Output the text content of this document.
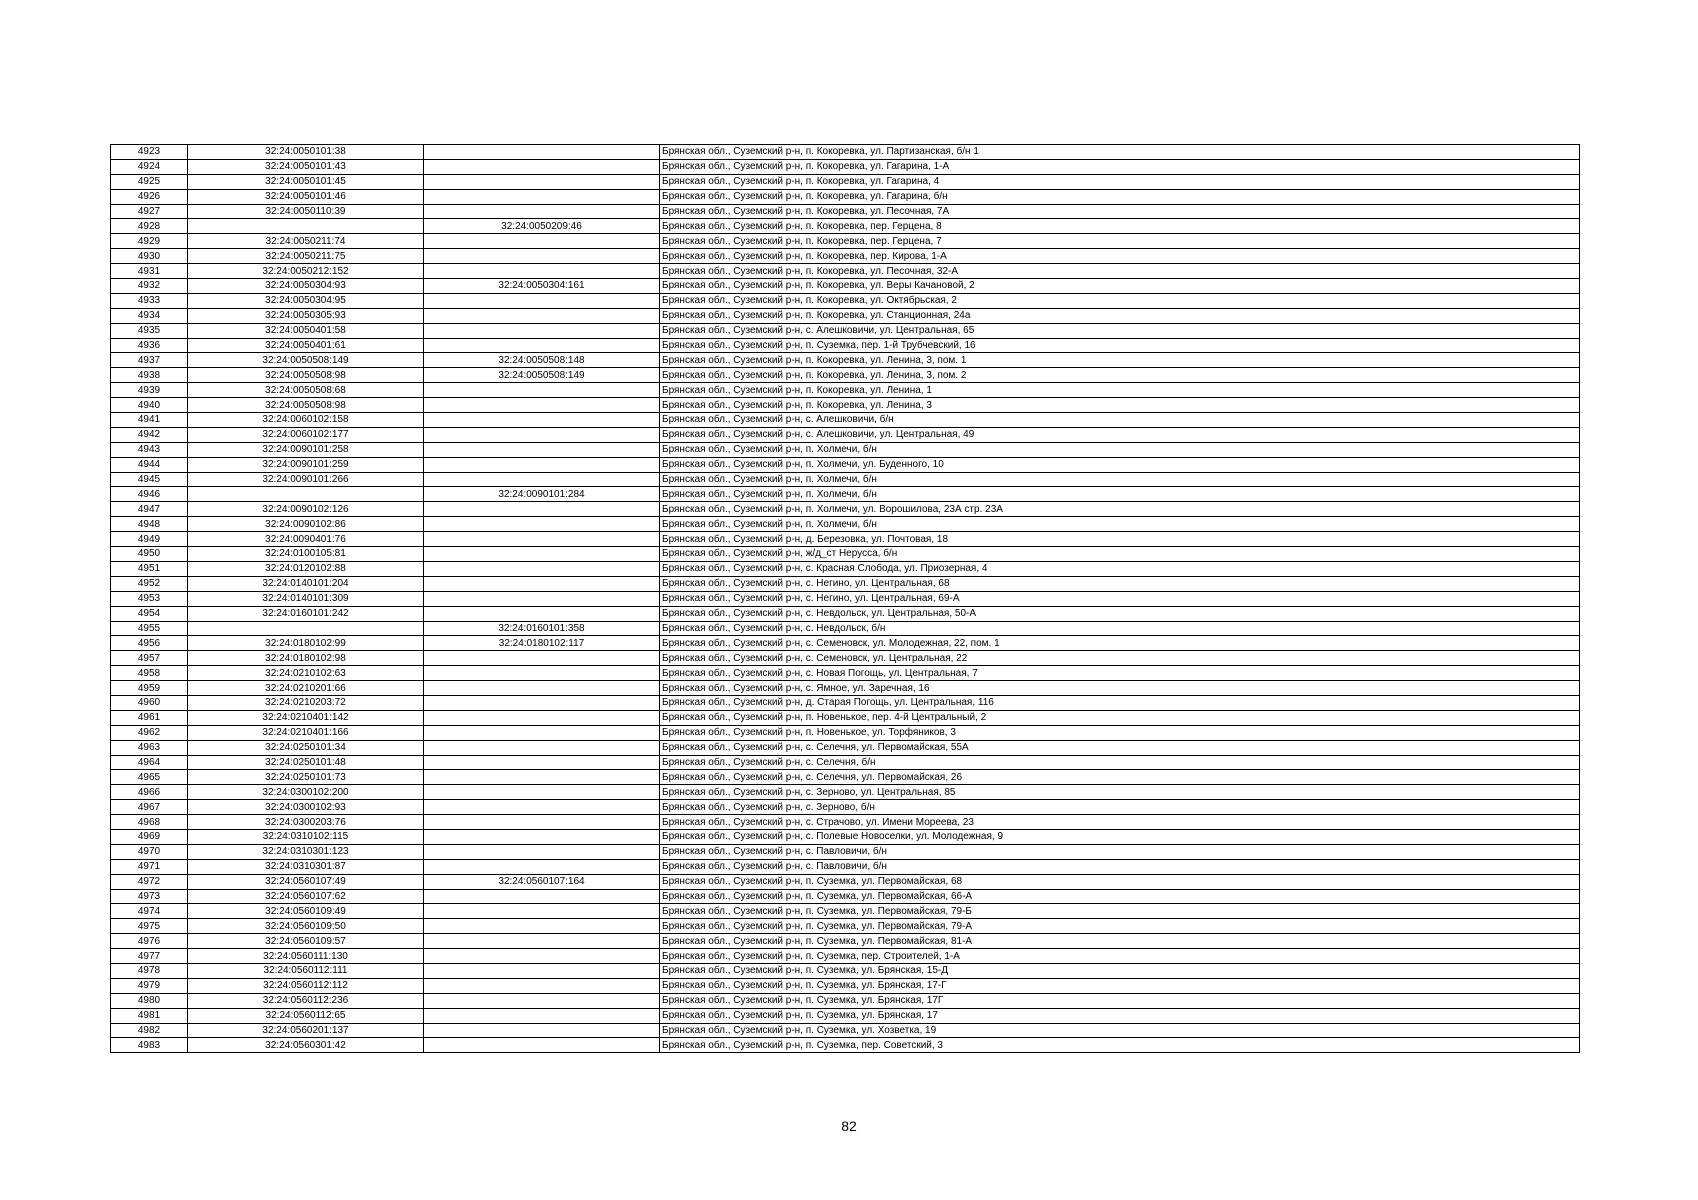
4923	32:24:0050101:38		Брянская обл., Суземский р-н, п. Кокоревка, ул. Партизанская, б/н 1
4924	32:24:0050101:43		Брянская обл., Суземский р-н, п. Кокоревка, ул. Гагарина, 1-А
4925	32:24:0050101:45		Брянская обл., Суземский р-н, п. Кокоревка, ул. Гагарина, 4
4926	32:24:0050101:46		Брянская обл., Суземский р-н, п. Кокоревка, ул. Гагарина, б/н
4927	32:24:0050110:39		Брянская обл., Суземский р-н, п. Кокоревка, ул. Песочная, 7А
4928		32:24:0050209:46	Брянская обл., Суземский р-н, п. Кокоревка, пер. Герцена, 8
4929	32:24:0050211:74		Брянская обл., Суземский р-н, п. Кокоревка, пер. Герцена, 7
4930	32:24:0050211:75		Брянская обл., Суземский р-н, п. Кокоревка, пер. Кирова, 1-А
4931	32:24:0050212:152		Брянская обл., Суземский р-н, п. Кокоревка, ул. Песочная, 32-А
4932	32:24:0050304:93	32:24:0050304:161	Брянская обл., Суземский р-н, п. Кокоревка, ул. Веры Качановой, 2
4933	32:24:0050304:95		Брянская обл., Суземский р-н, п. Кокоревка, ул. Октябрьская, 2
4934	32:24:0050305:93		Брянская обл., Суземский р-н, п. Кокоревка, ул. Станционная, 24а
4935	32:24:0050401:58		Брянская обл., Суземский р-н, с. Алешковичи, ул. Центральная, 65
4936	32:24:0050401:61		Брянская обл., Суземский р-н, п. Суземка, пер. 1-й Трубчевский, 16
4937	32:24:0050508:149	32:24:0050508:148	Брянская обл., Суземский р-н, п. Кокоревка, ул. Ленина, 3, пом. 1
4938	32:24:0050508:98	32:24:0050508:149	Брянская обл., Суземский р-н, п. Кокоревка, ул. Ленина, 3, пом. 2
4939	32:24:0050508:68		Брянская обл., Суземский р-н, п. Кокоревка, ул. Ленина, 1
4940	32:24:0050508:98		Брянская обл., Суземский р-н, п. Кокоревка, ул. Ленина, 3
4941	32:24:0060102:158		Брянская обл., Суземский р-н, с. Алешковичи, б/н
4942	32:24:0060102:177		Брянская обл., Суземский р-н, с. Алешковичи, ул. Центральная, 49
4943	32:24:0090101:258		Брянская обл., Суземский р-н, п. Холмечи, б/н
4944	32:24:0090101:259		Брянская обл., Суземский р-н, п. Холмечи, ул. Буденного, 10
4945	32:24:0090101:266		Брянская обл., Суземский р-н, п. Холмечи, б/н
4946		32:24:0090101:284	Брянская обл., Суземский р-н, п. Холмечи, б/н
4947	32:24:0090102:126		Брянская обл., Суземский р-н, п. Холмечи, ул. Ворошилова, 23А стр. 23А
4948	32:24:0090102:86		Брянская обл., Суземский р-н, п. Холмечи, б/н
4949	32:24:0090401:76		Брянская обл., Суземский р-н, д. Березовка, ул. Почтовая, 18
4950	32:24:0100105:81		Брянская обл., Суземский р-н, ж/д_ст Нерусса, б/н
4951	32:24:0120102:88		Брянская обл., Суземский р-н, с. Красная Слобода, ул. Приозерная, 4
4952	32:24:0140101:204		Брянская обл., Суземский р-н, с. Негино, ул. Центральная, 68
4953	32:24:0140101:309		Брянская обл., Суземский р-н, с. Негино, ул. Центральная, 69-А
4954	32:24:0160101:242		Брянская обл., Суземский р-н, с. Невдольск, ул. Центральная, 50-А
4955		32:24:0160101:358	Брянская обл., Суземский р-н, с. Невдольск, б/н
4956	32:24:0180102:99	32:24:0180102:117	Брянская обл., Суземский р-н, с. Семеновск, ул. Молодежная, 22, пом. 1
4957	32:24:0180102:98		Брянская обл., Суземский р-н, с. Семеновск, ул. Центральная, 22
4958	32:24:0210102:63		Брянская обл., Суземский р-н, с. Новая Погощь, ул. Центральная, 7
4959	32:24:0210201:66		Брянская обл., Суземский р-н, с. Ямное, ул. Заречная, 16
4960	32:24:0210203:72		Брянская обл., Суземский р-н, д. Старая Погощь, ул. Центральная, 116
4961	32:24:0210401:142		Брянская обл., Суземский р-н, п. Новенькое, пер. 4-й Центральный, 2
4962	32:24:0210401:166		Брянская обл., Суземский р-н, п. Новенькое, ул. Торфяников, 3
4963	32:24:0250101:34		Брянская обл., Суземский р-н, с. Селечня, ул. Первомайская, 55А
4964	32:24:0250101:48		Брянская обл., Суземский р-н, с. Селечня, б/н
4965	32:24:0250101:73		Брянская обл., Суземский р-н, с. Селечня, ул. Первомайская, 26
4966	32:24:0300102:200		Брянская обл., Суземский р-н, с. Зерново, ул. Центральная, 85
4967	32:24:0300102:93		Брянская обл., Суземский р-н, с. Зерново, б/н
4968	32:24:0300203:76		Брянская обл., Суземский р-н, с. Страчово, ул. Имени Мореева, 23
4969	32:24:0310102:115		Брянская обл., Суземский р-н, с. Полевые Новоселки, ул. Молодежная, 9
4970	32:24:0310301:123		Брянская обл., Суземский р-н, с. Павловичи, б/н
4971	32:24:0310301:87		Брянская обл., Суземский р-н, с. Павловичи, б/н
4972	32:24:0560107:49	32:24:0560107:164	Брянская обл., Суземский р-н, п. Суземка, ул. Первомайская, 68
4973	32:24:0560107:62		Брянская обл., Суземский р-н, п. Суземка, ул. Первомайская, 66-А
4974	32:24:0560109:49		Брянская обл., Суземский р-н, п. Суземка, ул. Первомайская, 79-Б
4975	32:24:0560109:50		Брянская обл., Суземский р-н, п. Суземка, ул. Первомайская, 79-А
4976	32:24:0560109:57		Брянская обл., Суземский р-н, п. Суземка, ул. Первомайская, 81-А
4977	32:24:0560111:130		Брянская обл., Суземский р-н, п. Суземка, пер. Строителей, 1-А
4978	32:24:0560112:111		Брянская обл., Суземский р-н, п. Суземка, ул. Брянская, 15-Д
4979	32:24:0560112:112		Брянская обл., Суземский р-н, п. Суземка, ул. Брянская, 17-Г
4980	32:24:0560112:236		Брянская обл., Суземский р-н, п. Суземка, ул. Брянская, 17Г
4981	32:24:0560112:65		Брянская обл., Суземский р-н, п. Суземка, ул. Брянская, 17
4982	32:24:0560201:137		Брянская обл., Суземский р-н, п. Суземка, ул. Хозветка, 19
4983	32:24:0560301:42		Брянская обл., Суземский р-н, п. Суземка, пер. Советский, 3
82
